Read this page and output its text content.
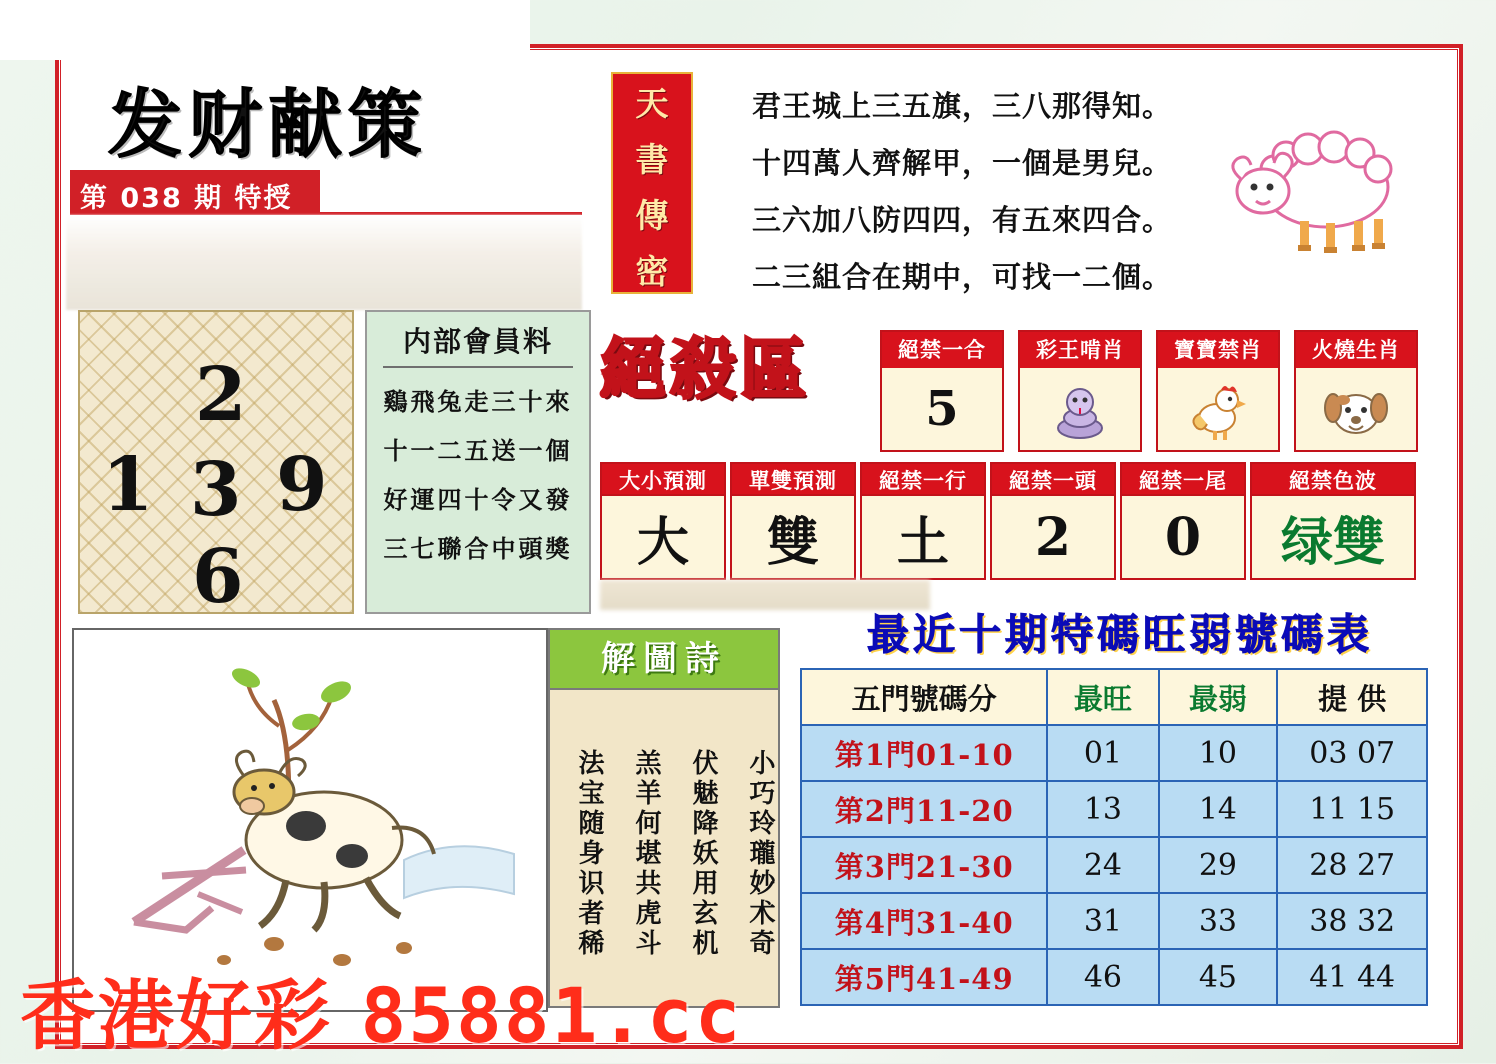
发财献策
第 038 期 特授
天
書
傳
密
君王城上三五旗，三八那得知。
十四萬人齊解甲，一個是男兒。
三六加八防四四，有五來四合。
二三組合在期中，可找一二個。
2
1 3 9
6
内部會員料
鷄飛兔走三十來
十一二五送一個
好運四十令又發
三七聯合中頭獎
絕殺區	絕禁一合
5
彩王啃肖	寶寶禁肖	火燒生肖
大小預測
大
單雙預測
雙
絕禁一行
土
絕禁一頭
2
絕禁一尾
0
絕禁色波
绿雙
解圖詩
小巧玲瓏妙术奇
伏魅降妖用玄机
羔羊何堪共虎斗
法宝随身识者稀
最近十期特碼旺弱號碼表
五門號碼分	最旺	最弱	提 供
第1門01-10	01	10	03 07
第2門11-20	13	14	11 15
第3門21-30	24	29	28 27
第4門31-40	31	33	38 32
第5門41-49	46	45	41 44
香港好彩 85881.cc
